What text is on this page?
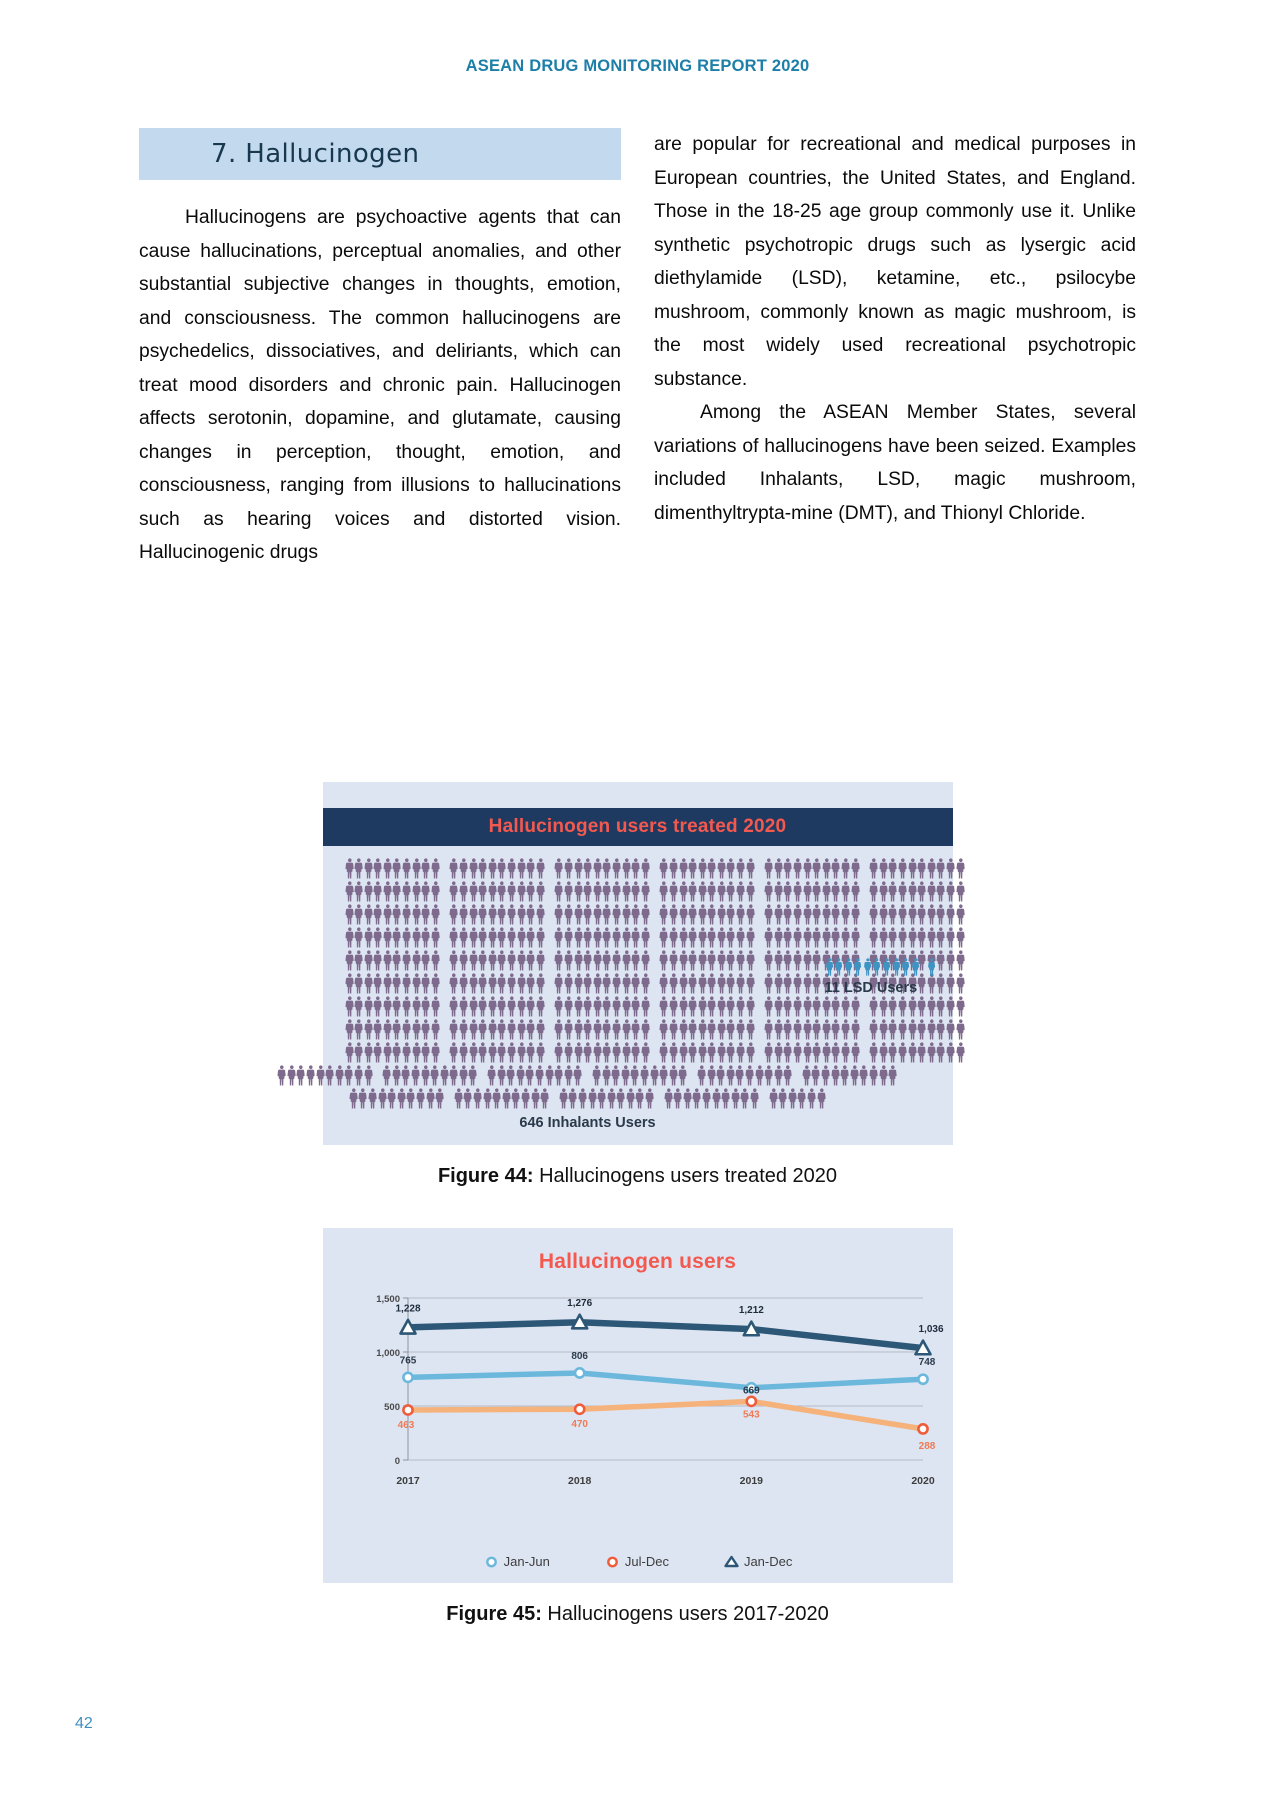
ASEAN DRUG MONITORING REPORT 2020
7. Hallucinogen

Hallucinogens are psychoactive agents that can cause hallucinations, perceptual anomalies, and other substantial subjective changes in thoughts, emotion, and consciousness. The common hallucinogens are psychedelics, dissociatives, and deliriants, which can treat mood disorders and chronic pain. Hallucinogen affects serotonin, dopamine, and glutamate, causing changes in perception, thought, emotion, and consciousness, ranging from illusions to hallucinations such as hearing voices and distorted vision. Hallucinogenic drugs

are popular for recreational and medical purposes in European countries, the United States, and England. Those in the 18-25 age group commonly use it. Unlike synthetic psychotropic drugs such as lysergic acid diethylamide (LSD), ketamine, etc., psilocybe mushroom, commonly known as magic mushroom, is the most widely used recreational psychotropic substance.

Among the ASEAN Member States, several variations of hallucinogens have been seized. Examples included Inhalants, LSD, magic mushroom, dimenthyltrypta-mine (DMT), and Thionyl Chloride.

Hallucinogen users treated 2020
646 Inhalants Users
11 LSD Users
Figure 44: Hallucinogens users treated 2020
Hallucinogen users
0
500
1,000
1,500
2017	2018	2019	2020
765	806
669
748
463	470
543
288
1,228	1,276
1,212
1,036
Jan-Jun	Jul-Dec	Jan-Dec
Figure 45: Hallucinogens users 2017-2020
42
